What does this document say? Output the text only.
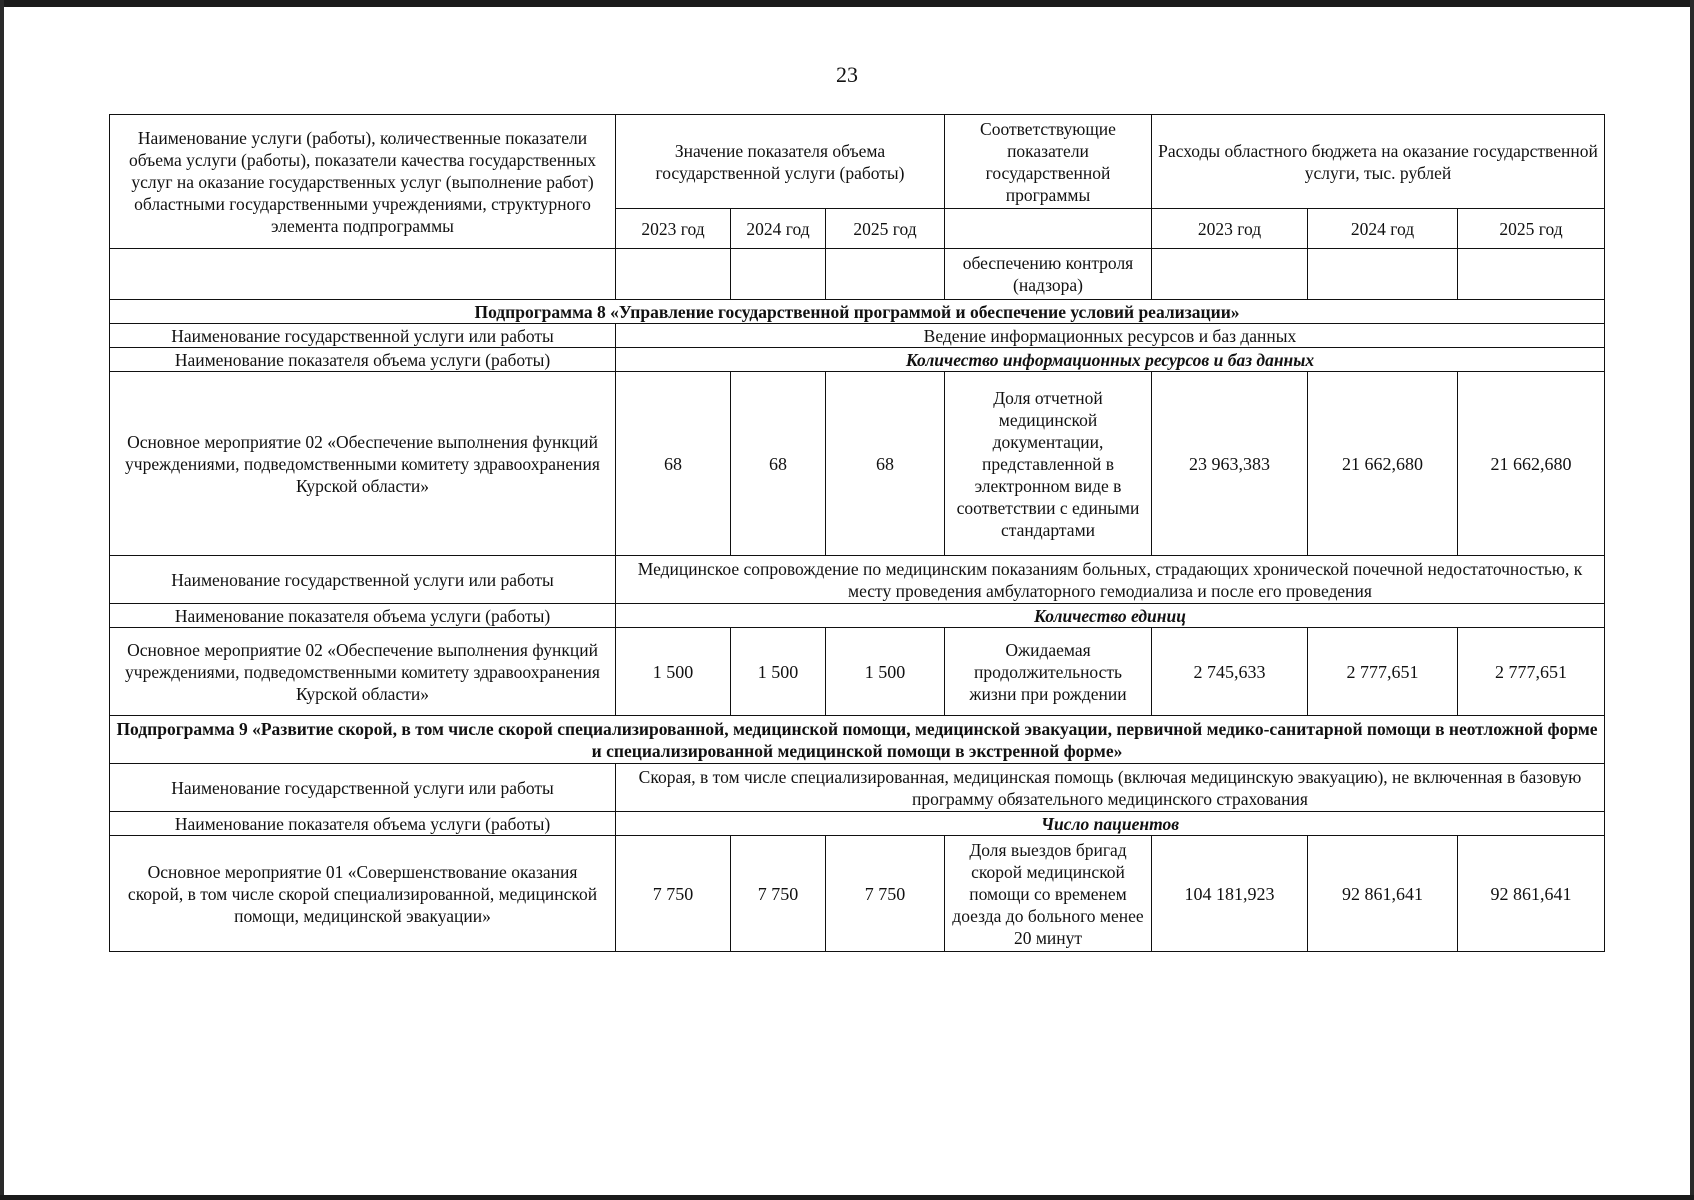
23
Наименование услуги (работы), количественные показатели объема услуги (работы), показатели качества государственных услуг на оказание государственных услуг (выполнение работ) областными государственными учреждениями, структурного элемента подпрограммы	Значение показателя объема государственной услуги (работы)			Соответствующие показатели государственной программы	Расходы областного бюджета на оказание государственной услуги, тыс. рублей		
	2023 год	2024 год	2025 год		2023 год	2024 год	2025 год
				обеспечению контроля (надзора)			
Подпрограмма 8 «Управление государственной программой и обеспечение условий реализации»							
Наименование государственной услуги или работы	Ведение информационных ресурсов и баз данных						
Наименование показателя объема услуги (работы)	Количество информационных ресурсов и баз данных						
Основное мероприятие 02 «Обеспечение выполнения функций учреждениями, подведомственными комитету здравоохранения Курской области»	68	68	68	Доля отчетной медицинской документации, представленной в электронном виде в соответствии с едиными стандартами	23 963,383	21 662,680	21 662,680
Наименование государственной услуги или работы	Медицинское сопровождение по медицинским показаниям больных, страдающих хронической почечной недостаточностью, к месту проведения амбулаторного гемодиализа и после его проведения						
Наименование показателя объема услуги (работы)	Количество единиц						
Основное мероприятие 02 «Обеспечение выполнения функций учреждениями, подведомственными комитету здравоохранения Курской области»	1 500	1 500	1 500	Ожидаемая продолжительность жизни при рождении	2 745,633	2 777,651	2 777,651
Подпрограмма 9 «Развитие скорой, в том числе скорой специализированной, медицинской помощи, медицинской эвакуации, первичной медико-санитарной помощи в неотложной форме и специализированной медицинской помощи в экстренной форме»							
Наименование государственной услуги или работы	Скорая, в том числе специализированная, медицинская помощь (включая медицинскую эвакуацию), не включенная в базовую программу обязательного медицинского страхования						
Наименование показателя объема услуги (работы)	Число пациентов						
Основное мероприятие 01 «Совершенствование оказания скорой, в том числе скорой специализированной, медицинской помощи, медицинской эвакуации»	7 750	7 750	7 750	Доля выездов бригад скорой медицинской помощи со временем доезда до больного менее 20 минут	104 181,923	92 861,641	92 861,641
